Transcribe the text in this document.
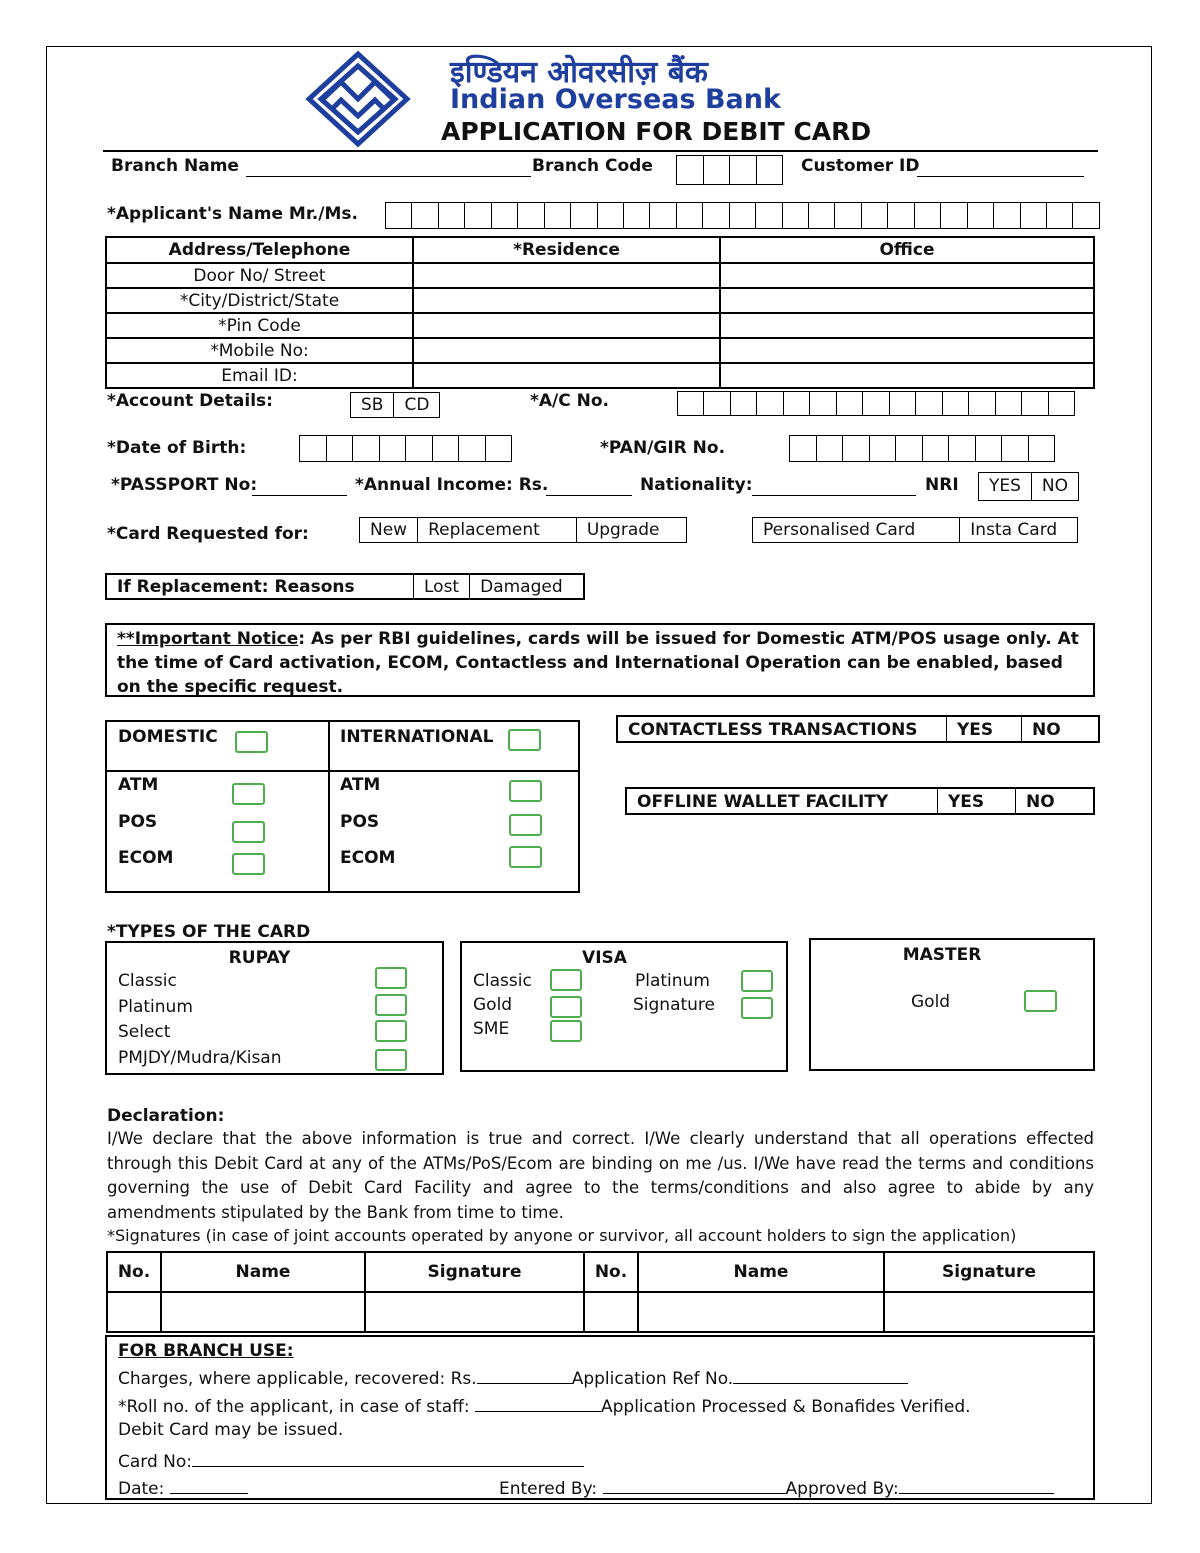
इण्डियन ओवरसीज़ बैंक
Indian Overseas Bank
APPLICATION FOR DEBIT CARD
Branch Name	Branch Code	Customer ID
*Applicant's Name Mr./Ms.
Address/Telephone	*Residence	Office
Door No/ Street		
*City/District/State		
*Pin Code		
*Mobile No:		
Email ID:		
*Account Details:	SB	CD	*A/C No.
*Date of Birth:	*PAN/GIR No.
*PASSPORT No:	*Annual Income: Rs.	Nationality:	NRI	YES	NO
*Card Requested for:	New	Replacement	Upgrade	Personalised Card	Insta Card
If Replacement: Reasons	Lost	Damaged
**Important Notice: As per RBI guidelines, cards will be issued for Domestic ATM/POS usage only. At the time of Card activation, ECOM, Contactless and International Operation can be enabled, based on the specific request.
DOMESTIC	INTERNATIONAL
ATM
POS
ECOM
ATM
POS
ECOM
CONTACTLESS TRANSACTIONS	YES	NO
OFFLINE WALLET FACILITY	YES	NO
*TYPES OF THE CARD
RUPAY
Classic
Platinum
Select
PMJDY/Mudra/Kisan
VISA
Classic
Gold
SME
Platinum
Signature
MASTER
Gold
Declaration:
I/We declare that the above information is true and correct. I/We clearly understand that all operations effected through this Debit Card at any of the ATMs/PoS/Ecom are binding on me /us. I/We have read the terms and conditions governing the use of Debit Card Facility and agree to the terms/conditions and also agree to abide by any amendments stipulated by the Bank from time to time.
*Signatures (in case of joint accounts operated by anyone or survivor, all account holders to sign the application)
No.	Name	Signature	No.	Name	Signature

FOR BRANCH USE:
Charges, where applicable, recovered: Rs.	Application Ref No.
*Roll no. of the applicant, in case of staff:	Application Processed & Bonafides Verified.
Debit Card may be issued.
Card No:
Date:	Entered By:	Approved By:
